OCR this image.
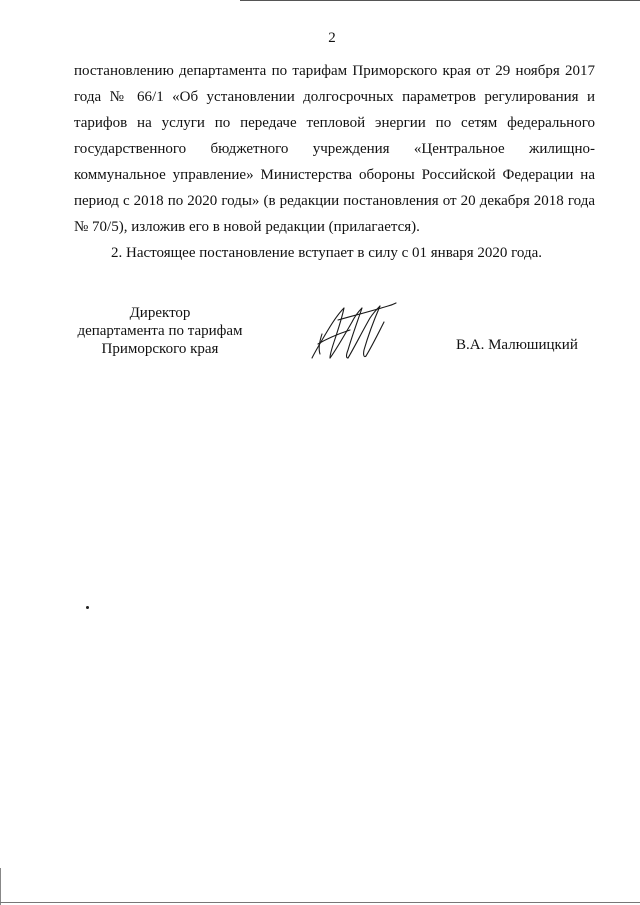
2

постановлению департамента по тарифам Приморского края от 29 ноября 2017 года № 66/1 «Об установлении долгосрочных параметров регулирования и тарифов на услуги по передаче тепловой энергии по сетям федерального государственного бюджетного учреждения «Центральное жилищно-коммунальное управление» Министерства обороны Российской Федерации на период с 2018 по 2020 годы» (в редакции постановления от 20 декабря 2018 года № 70/5), изложив его в новой редакции (прилагается).

2. Настоящее постановление вступает в силу с 01 января 2020 года.

Директор
департамента по тарифам
Приморского края	В.А. Малюшицкий
